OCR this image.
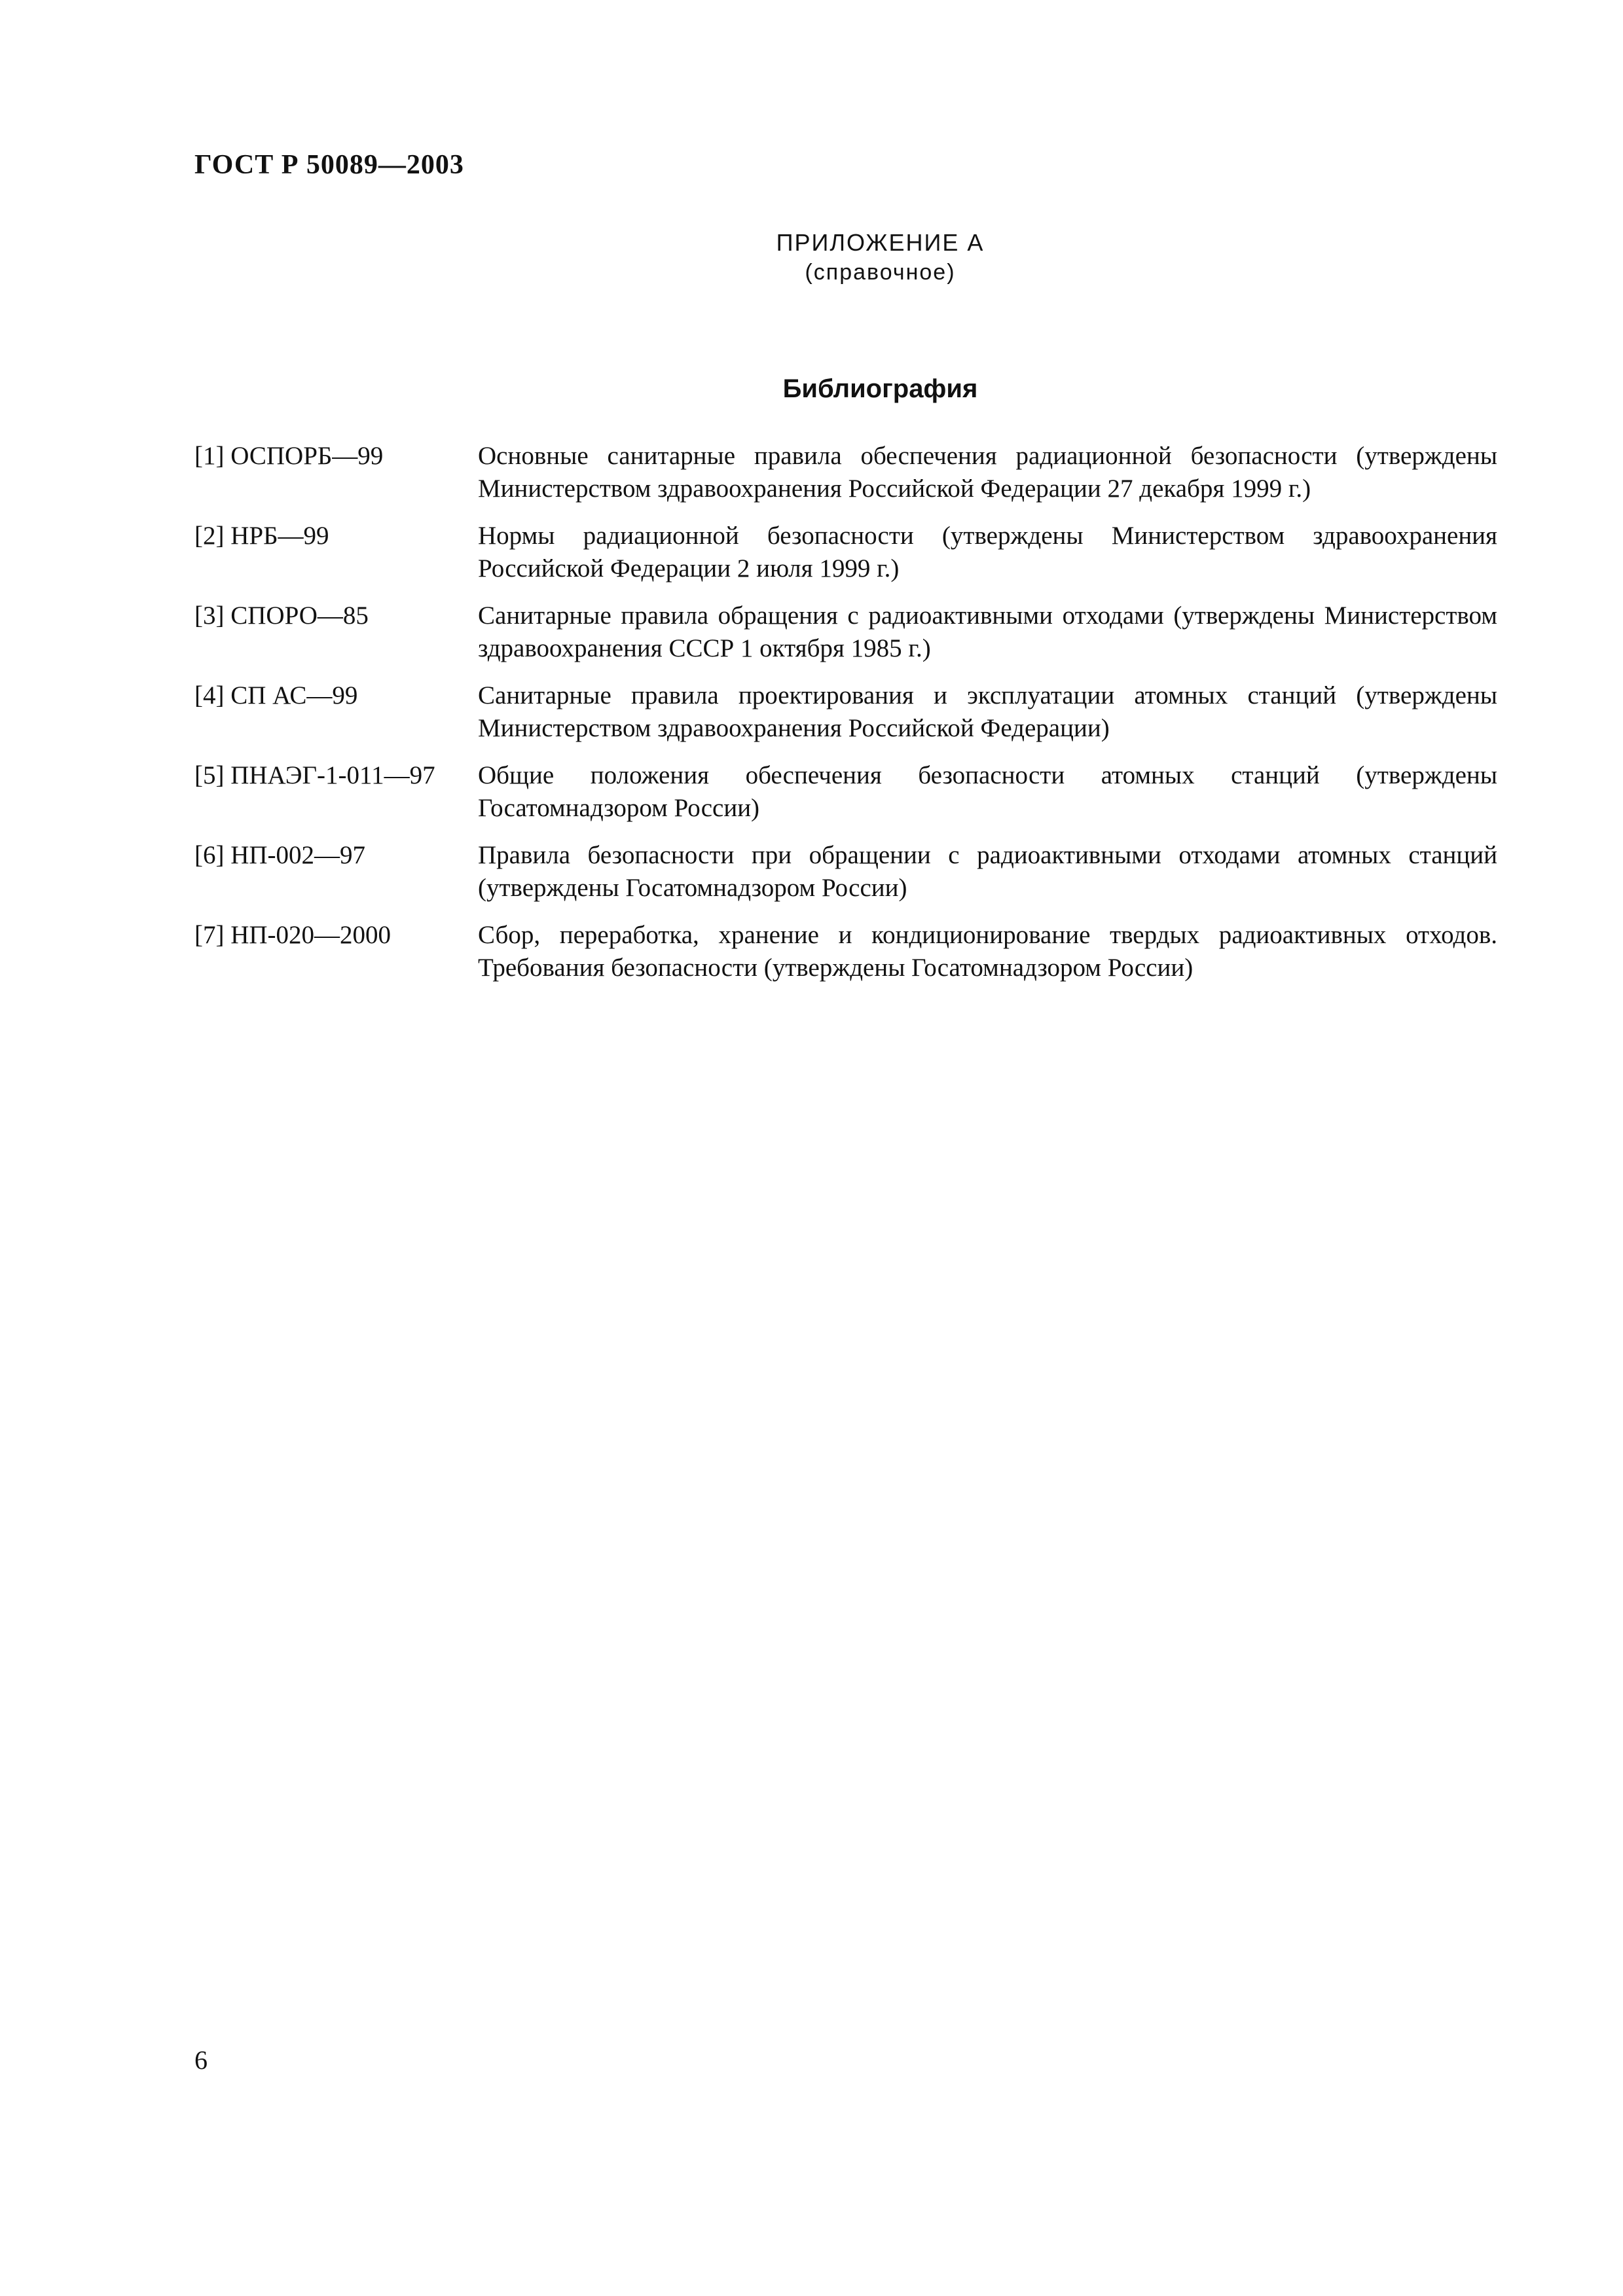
ГОСТ Р 50089—2003
ПРИЛОЖЕНИЕ А
(справочное)
Библиография
[1] ОСПОРБ—99	Основные санитарные правила обеспечения радиационной безопасности (утверждены Министерством здравоохранения Российской Федерации 27 декабря 1999 г.)
[2] НРБ—99	Нормы радиационной безопасности (утверждены Министерством здравоохранения Российской Федерации 2 июля 1999 г.)
[3] СПОРО—85	Санитарные правила обращения с радиоактивными отходами (утверждены Министерством здравоохранения СССР 1 октября 1985 г.)
[4] СП АС—99	Санитарные правила проектирования и эксплуатации атомных станций (утверждены Министерством здравоохранения Российской Федерации)
[5] ПНАЭГ-1-011—97	Общие положения обеспечения безопасности атомных станций (утверждены Госатомнадзором России)
[6] НП-002—97	Правила безопасности при обращении с радиоактивными отходами атомных станций (утверждены Госатомнадзором России)
[7] НП-020—2000	Сбор, переработка, хранение и кондиционирование твердых радиоактивных отходов. Требования безопасности (утверждены Госатомнадзором России)
6
